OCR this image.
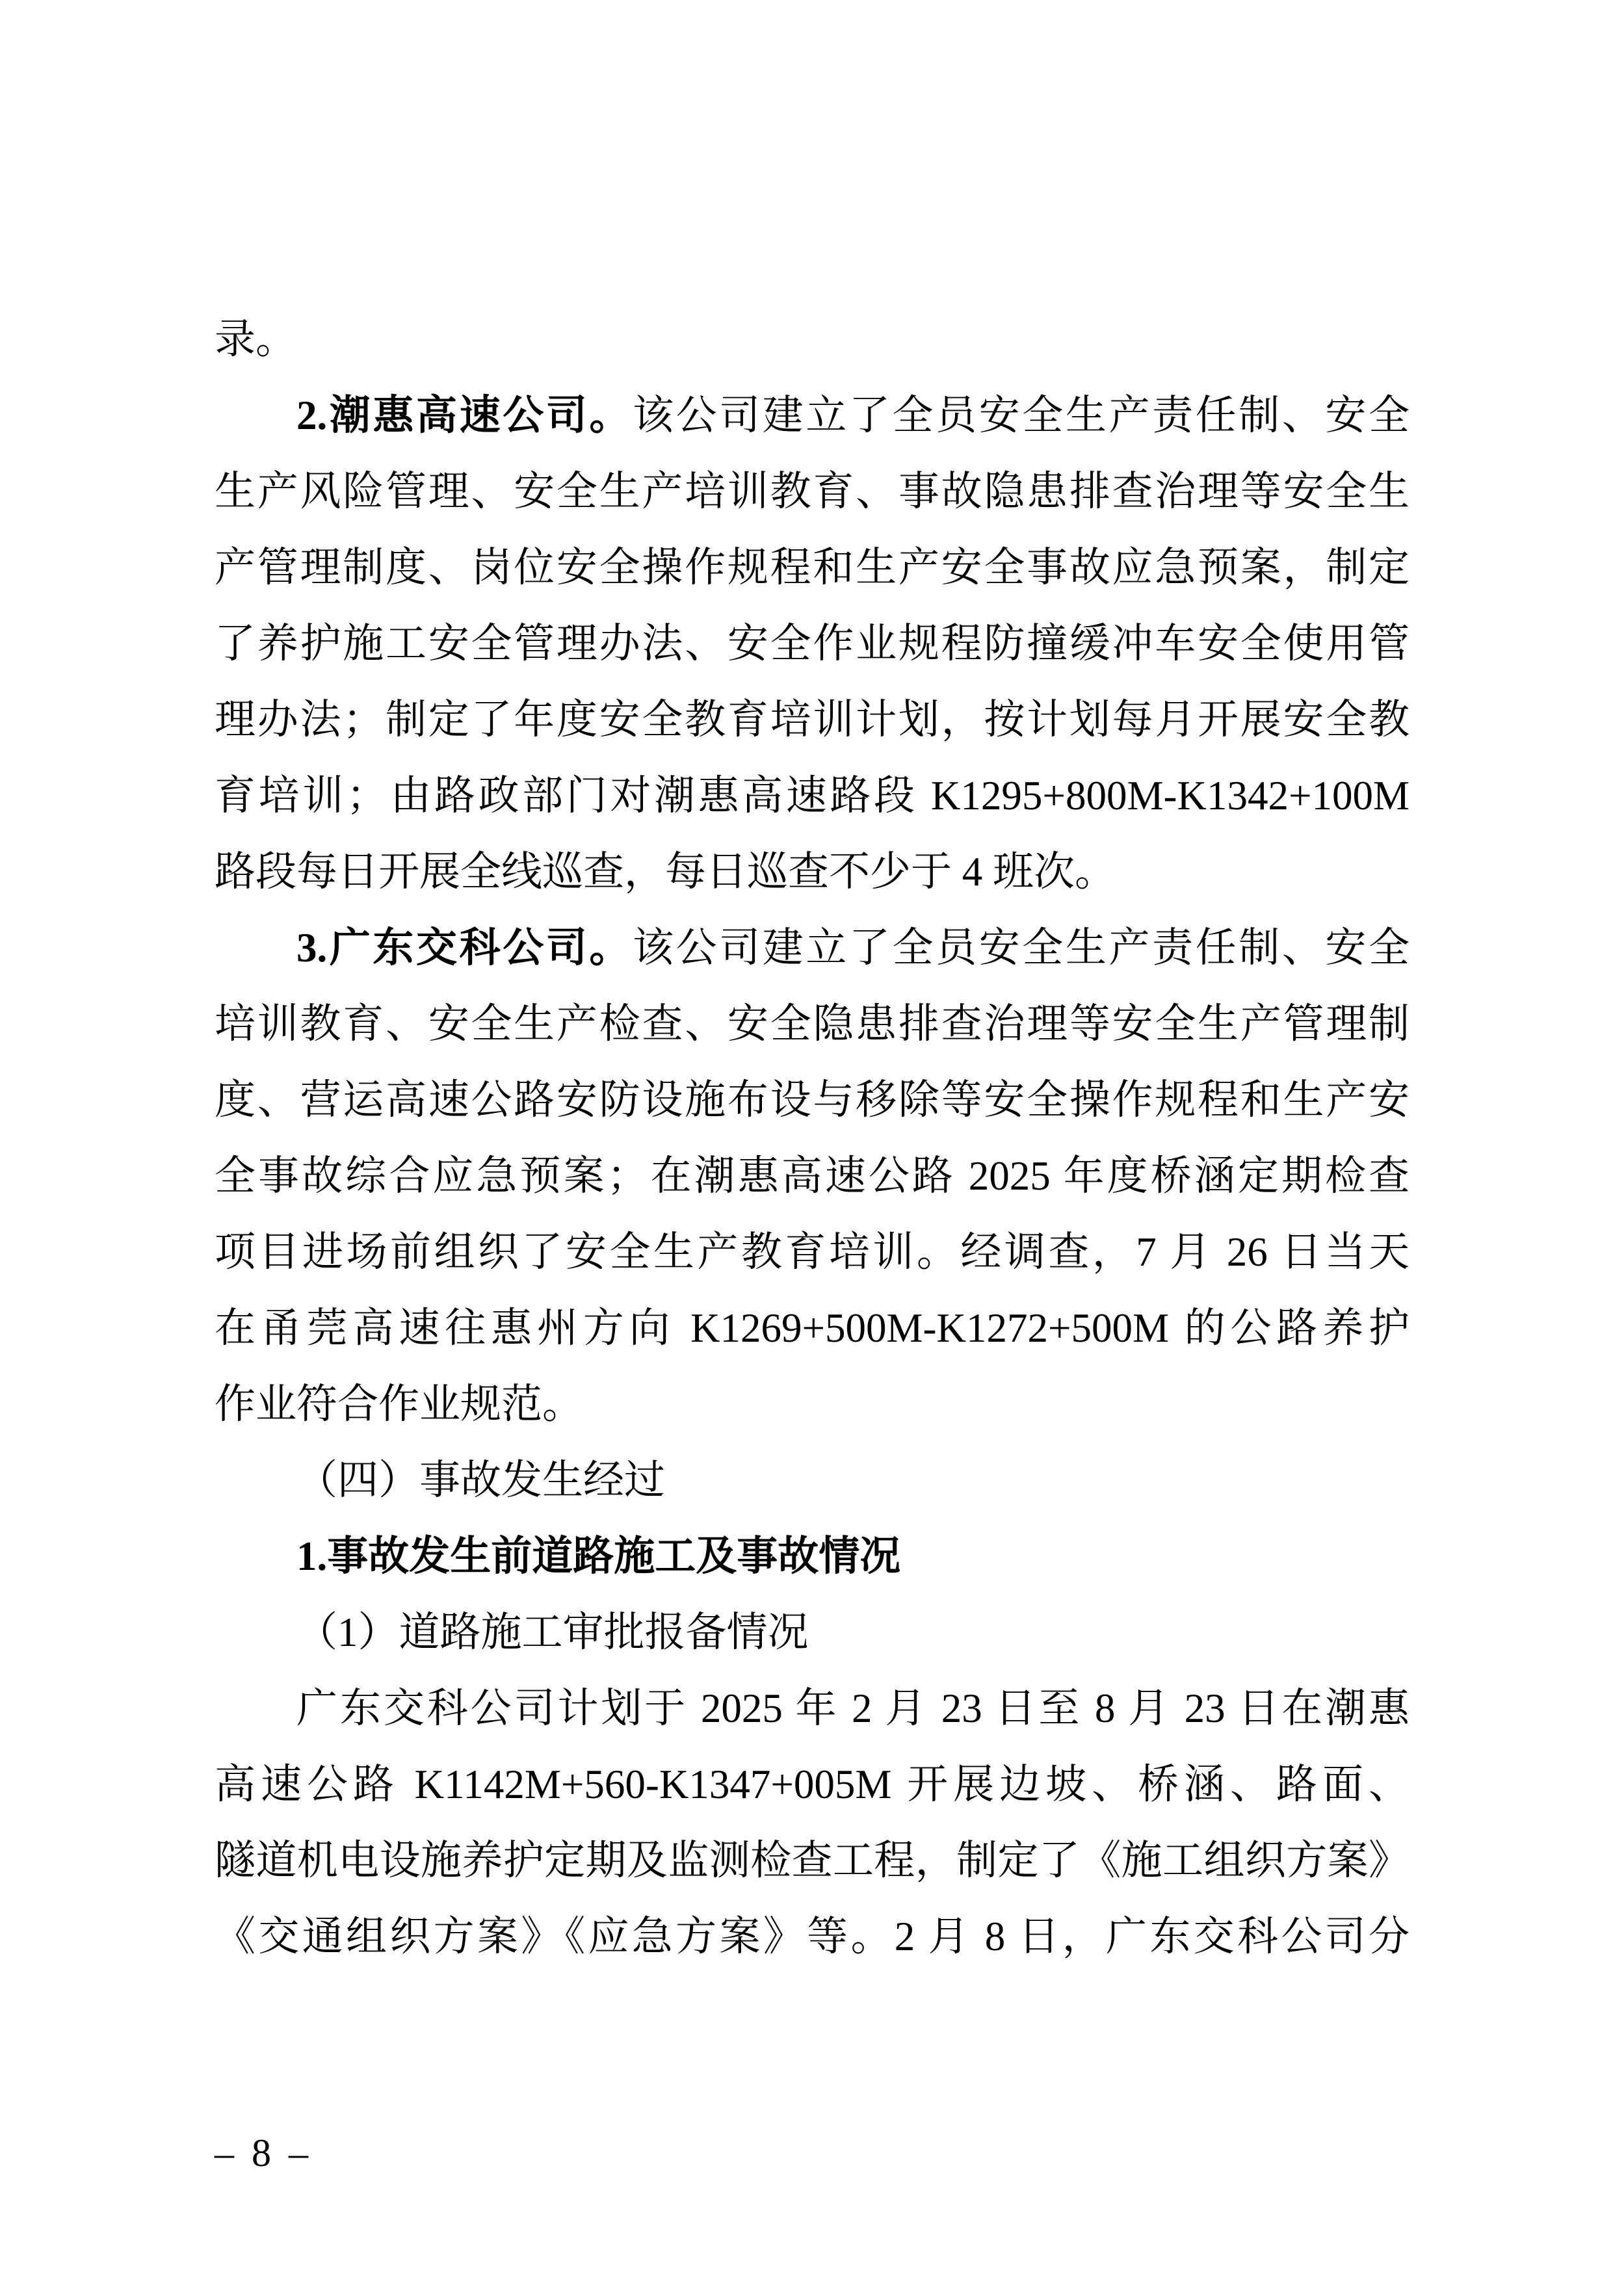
录。
2.潮惠高速公司。该公司建立了全员安全生产责任制、安全
生产风险管理、安全生产培训教育、事故隐患排查治理等安全生
产管理制度、岗位安全操作规程和生产安全事故应急预案，制定
了养护施工安全管理办法、安全作业规程防撞缓冲车安全使用管
理办法；制定了年度安全教育培训计划，按计划每月开展安全教
育培训；由路政部门对潮惠高速路段 K1295+800M-K1342+100M
路段每日开展全线巡查，每日巡查不少于 4 班次。
3.广东交科公司。该公司建立了全员安全生产责任制、安全
培训教育、安全生产检查、安全隐患排查治理等安全生产管理制
度、营运高速公路安防设施布设与移除等安全操作规程和生产安
全事故综合应急预案；在潮惠高速公路 2025 年度桥涵定期检查
项目进场前组织了安全生产教育培训。经调查，7 月 26 日当天
在甬莞高速往惠州方向 K1269+500M-K1272+500M 的公路养护
作业符合作业规范。
（四）事故发生经过
1.事故发生前道路施工及事故情况
（1）道路施工审批报备情况
广东交科公司计划于 2025 年 2 月 23 日至 8 月 23 日在潮惠
高速公路 K1142M+560-K1347+005M 开展边坡、桥涵、路面、
隧道机电设施养护定期及监测检查工程，制定了《施工组织方案》
《交通组织方案》《应急方案》等。2 月 8 日，广东交科公司分
– 8 –
